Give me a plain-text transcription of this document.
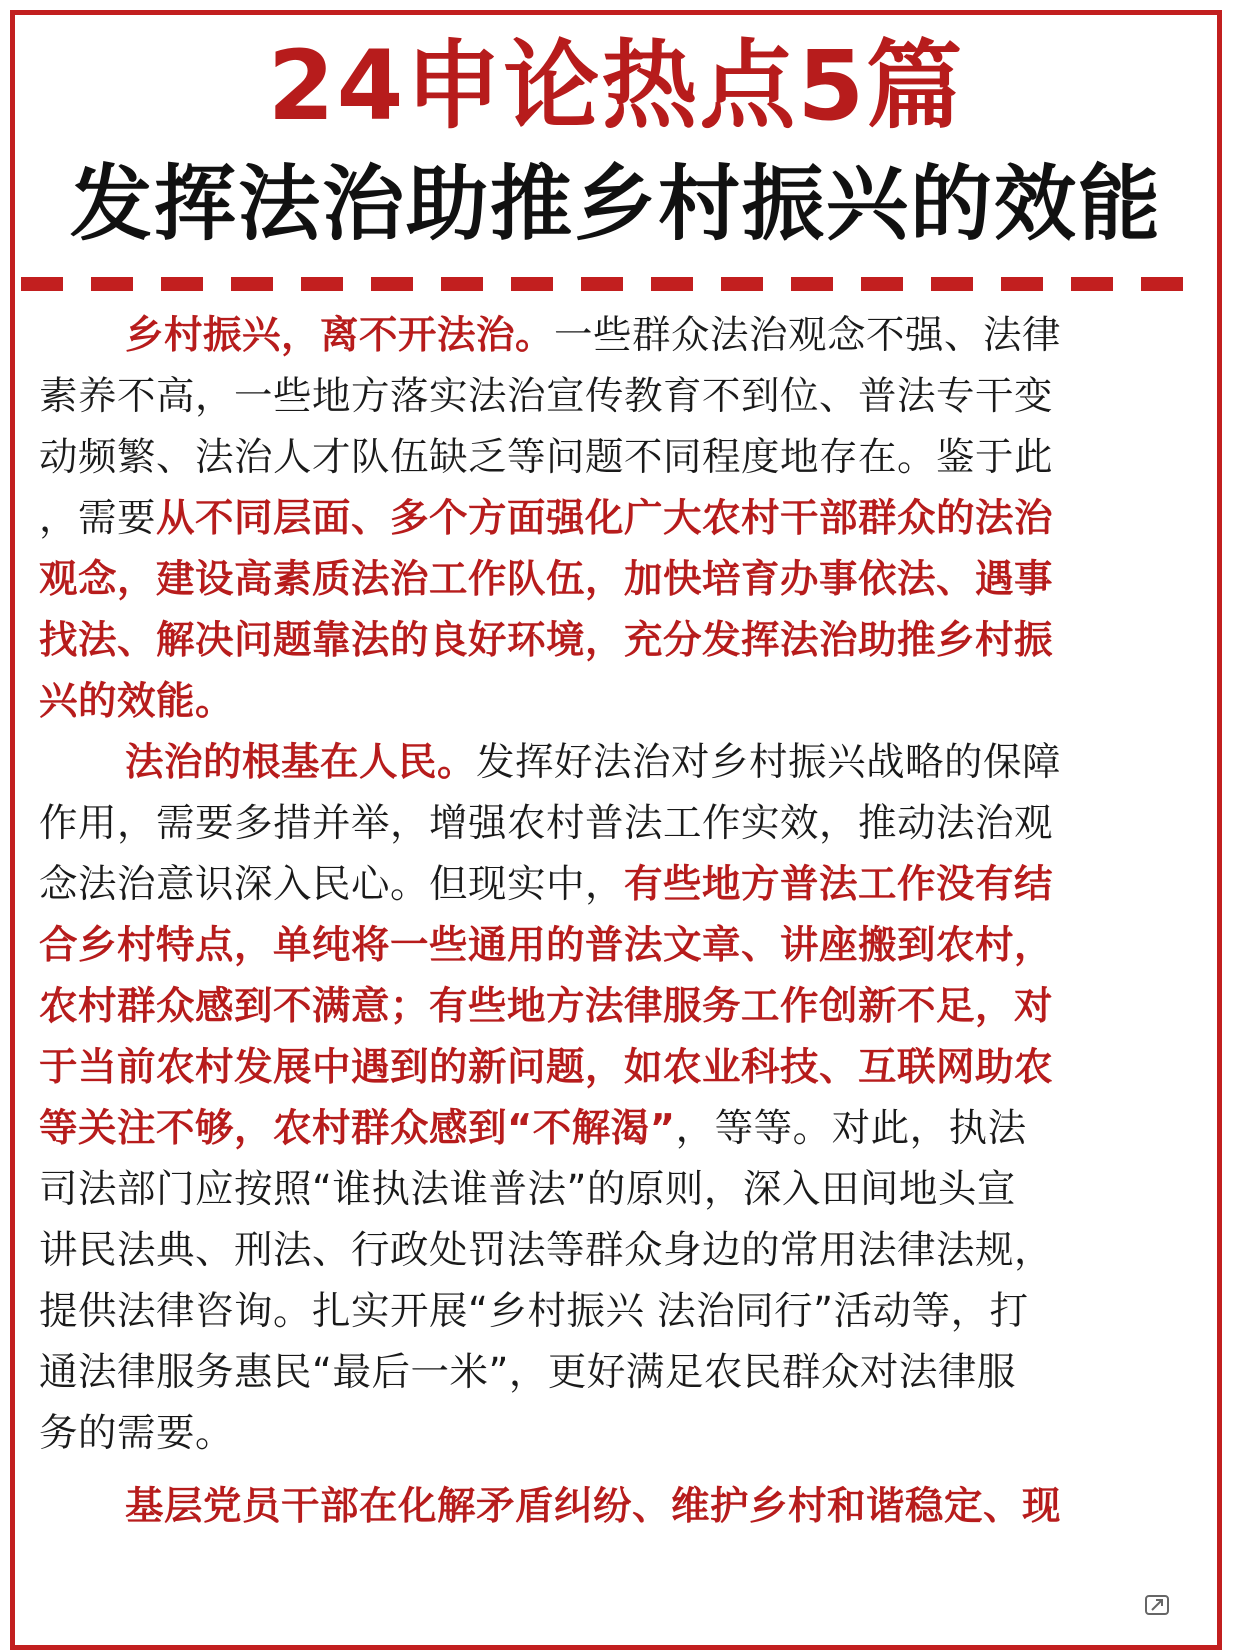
24申论热点5篇
发挥法治助推乡村振兴的效能
乡村振兴，离不开法治。一些群众法治观念不强、法律
素养不高，一些地方落实法治宣传教育不到位、普法专干变
动频繁、法治人才队伍缺乏等问题不同程度地存在。鉴于此
，需要从不同层面、多个方面强化广大农村干部群众的法治
观念，建设高素质法治工作队伍，加快培育办事依法、遇事
找法、解决问题靠法的良好环境，充分发挥法治助推乡村振
兴的效能。
法治的根基在人民。发挥好法治对乡村振兴战略的保障
作用，需要多措并举，增强农村普法工作实效，推动法治观
念法治意识深入民心。但现实中，有些地方普法工作没有结
合乡村特点，单纯将一些通用的普法文章、讲座搬到农村，
农村群众感到不满意；有些地方法律服务工作创新不足，对
于当前农村发展中遇到的新问题，如农业科技、互联网助农
等关注不够，农村群众感到“不解渴”，等等。对此，执法
司法部门应按照“谁执法谁普法”的原则，深入田间地头宣
讲民法典、刑法、行政处罚法等群众身边的常用法律法规，
提供法律咨询。扎实开展“乡村振兴 法治同行”活动等，打
通法律服务惠民“最后一米”，更好满足农民群众对法律服
务的需要。
基层党员干部在化解矛盾纠纷、维护乡村和谐稳定、现
